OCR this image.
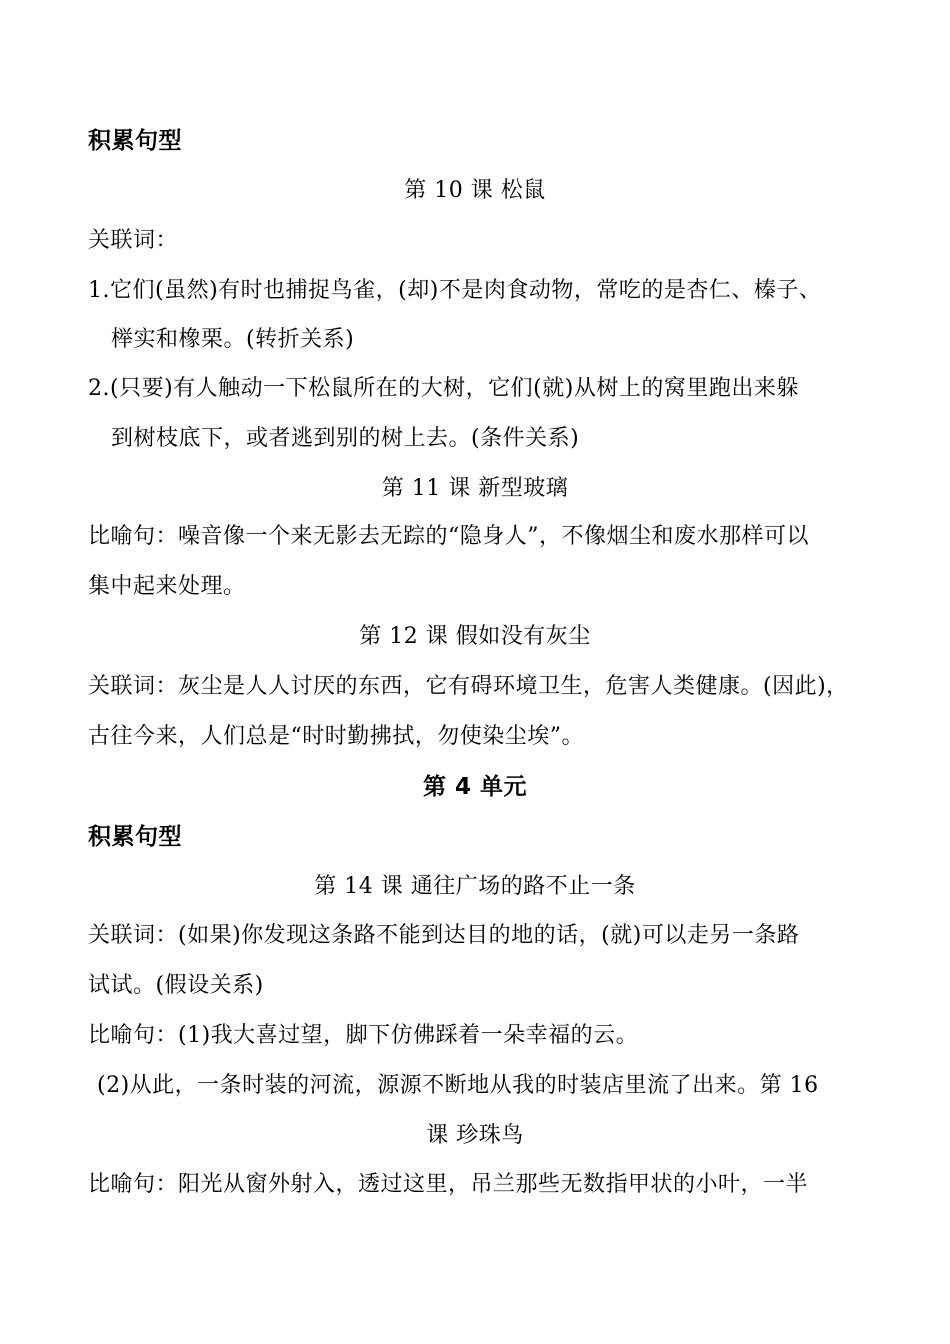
积累句型
第 10 课 松鼠
关联词：
1.它们(虽然)有时也捕捉鸟雀，(却)不是肉食动物，常吃的是杏仁、榛子、
榉实和橡栗。(转折关系)
2.(只要)有人触动一下松鼠所在的大树，它们(就)从树上的窝里跑出来躲
到树枝底下，或者逃到别的树上去。(条件关系)
第 11 课 新型玻璃
比喻句：噪音像一个来无影去无踪的“隐身人”，不像烟尘和废水那样可以
集中起来处理。
第 12 课 假如没有灰尘
关联词：灰尘是人人讨厌的东西，它有碍环境卫生，危害人类健康。(因此)，
古往今来，人们总是“时时勤拂拭，勿使染尘埃”。
第 4 单元
积累句型
第 14 课 通往广场的路不止一条
关联词：(如果)你发现这条路不能到达目的地的话，(就)可以走另一条路
试试。(假设关系)
比喻句：(1)我大喜过望，脚下仿佛踩着一朵幸福的云。
(2)从此，一条时装的河流，源源不断地从我的时装店里流了出来。第 16
课 珍珠鸟
比喻句：阳光从窗外射入，透过这里，吊兰那些无数指甲状的小叶，一半
